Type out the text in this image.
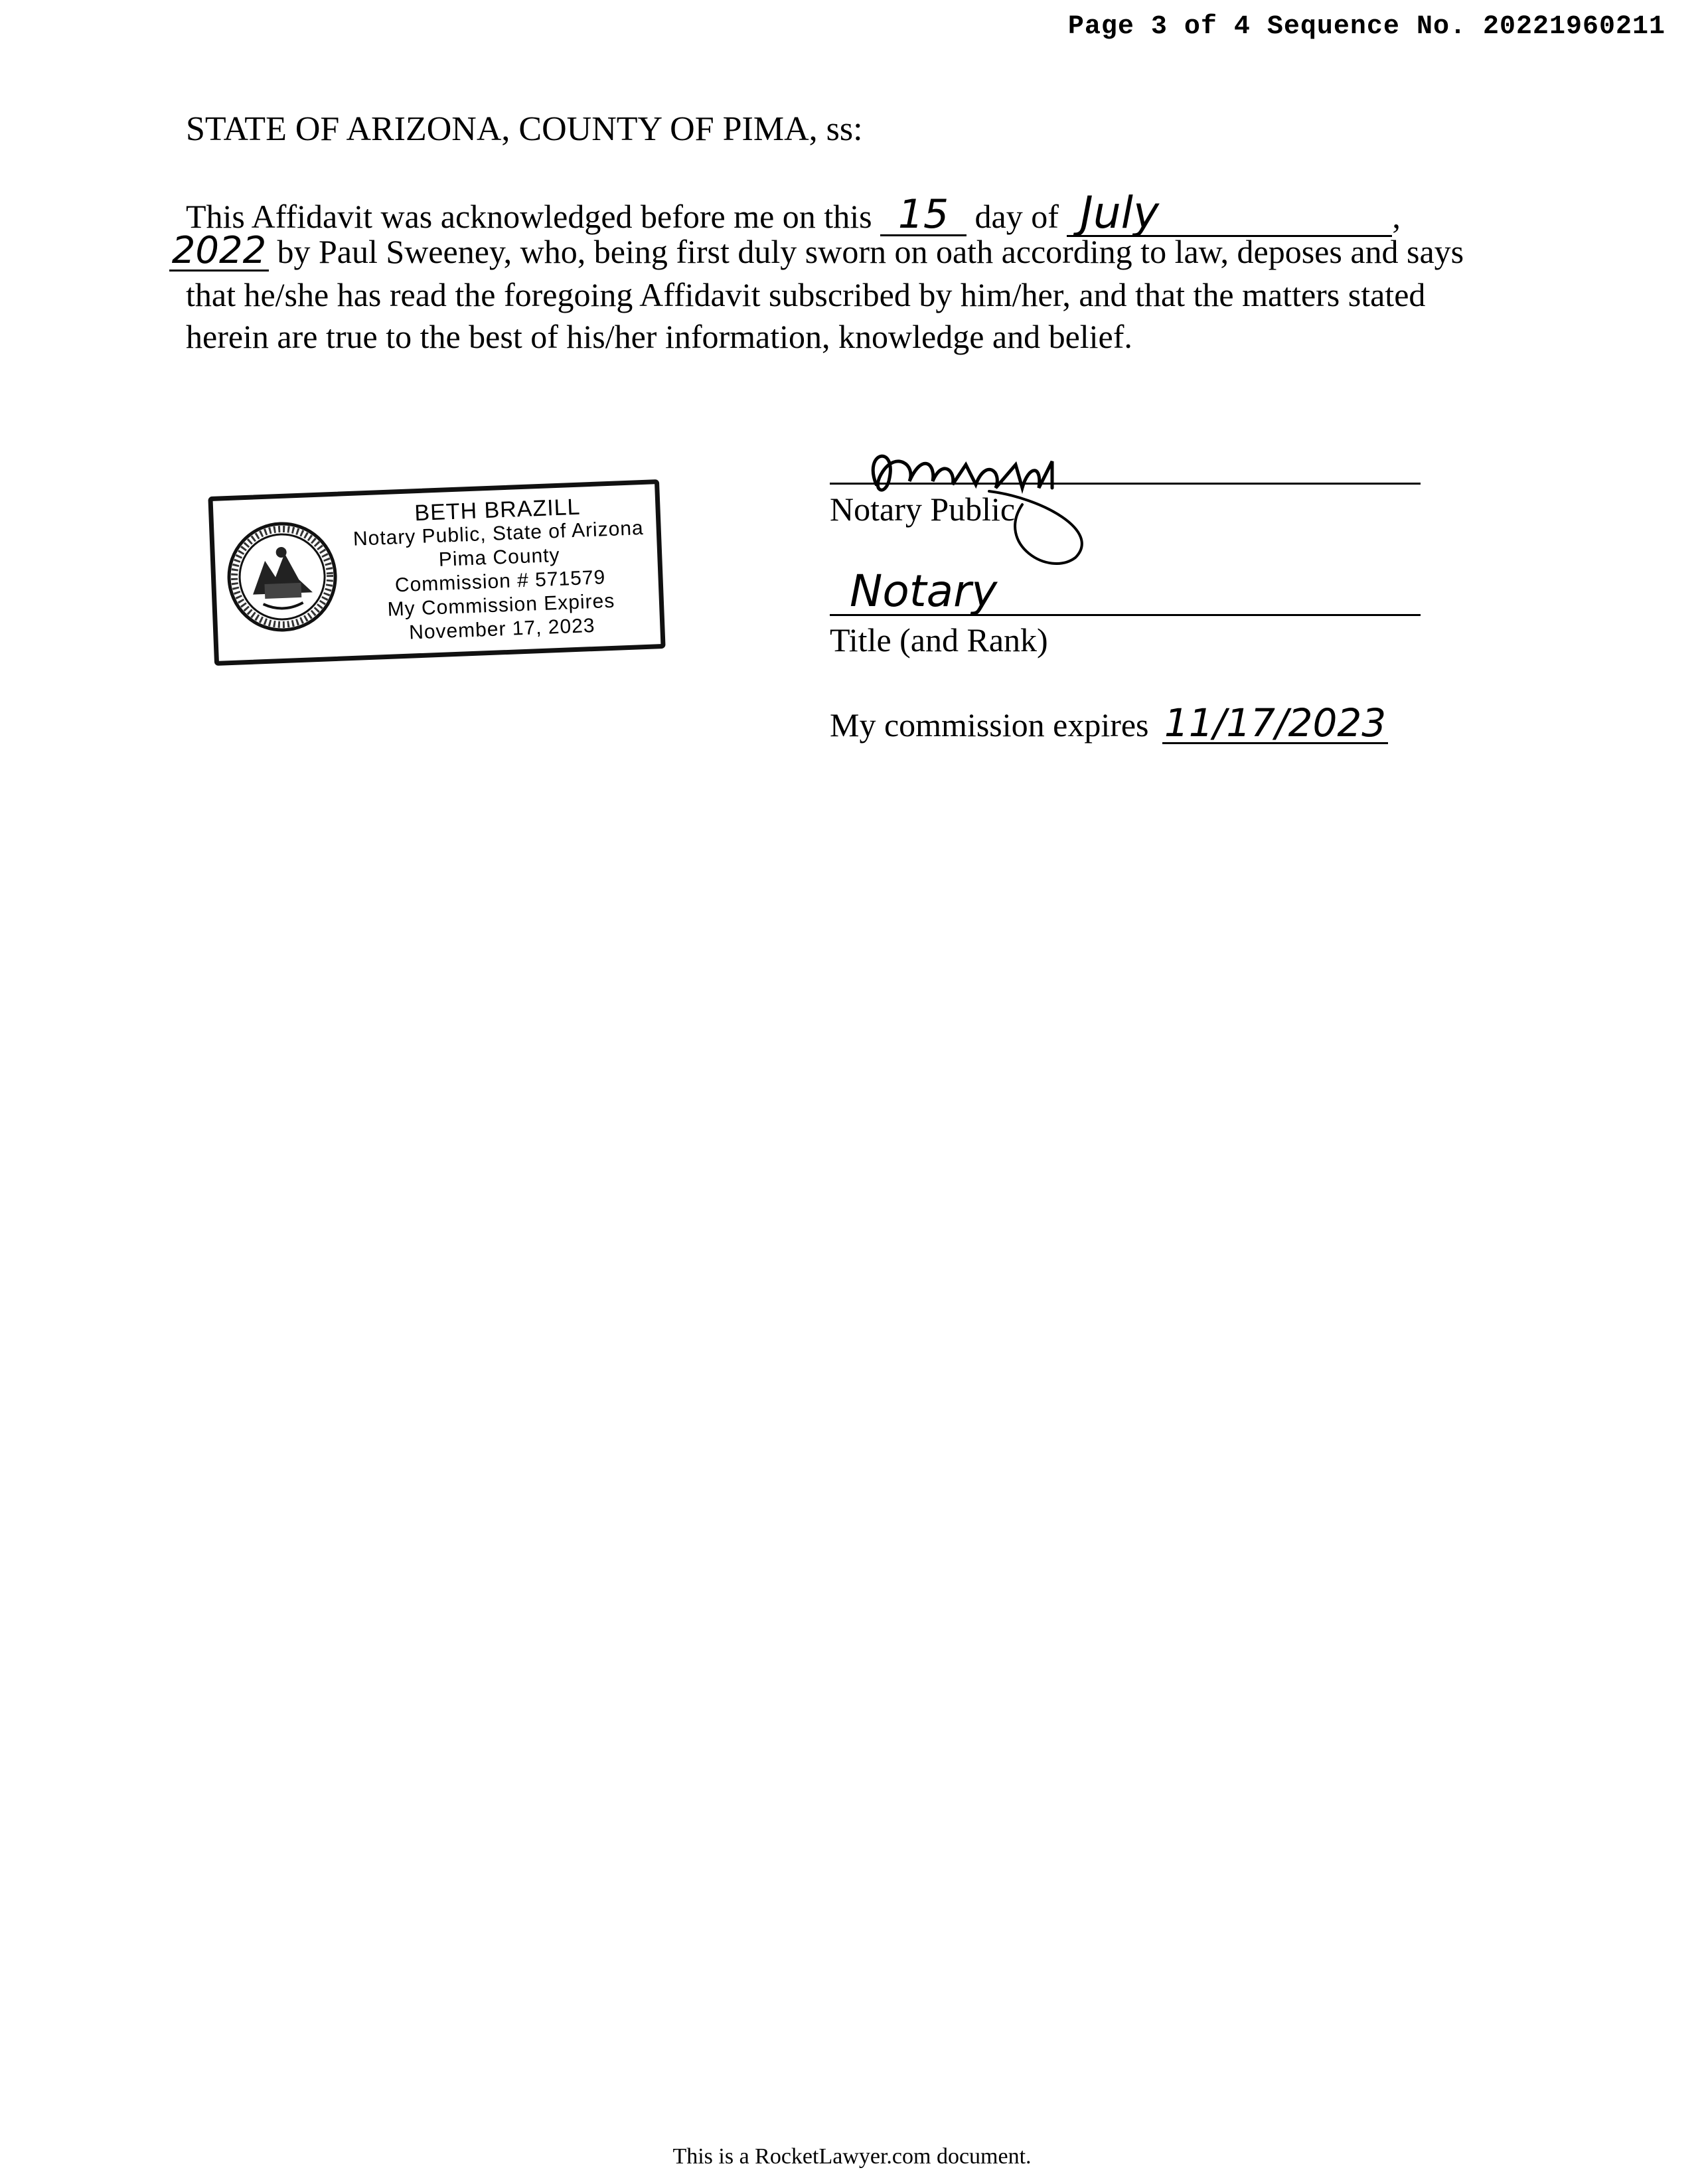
Page 3 of 4 Sequence No. 20221960211
STATE OF ARIZONA, COUNTY OF PIMA, ss:
This Affidavit was acknowledged before me on this 15 day of July	,
2022 by Paul Sweeney, who, being first duly sworn on oath according to law, deposes and says
that he/she has read the foregoing Affidavit subscribed by him/her, and that the matters stated
herein are true to the best of his/her information, knowledge and belief.
BETH BRAZILL
Notary Public, State of Arizona
Pima County
Commission # 571579
My Commission Expires
November 17, 2023
Notary Public
Notary
Title (and Rank)
My commission expires 11/17/2023
This is a RocketLawyer.com document.
